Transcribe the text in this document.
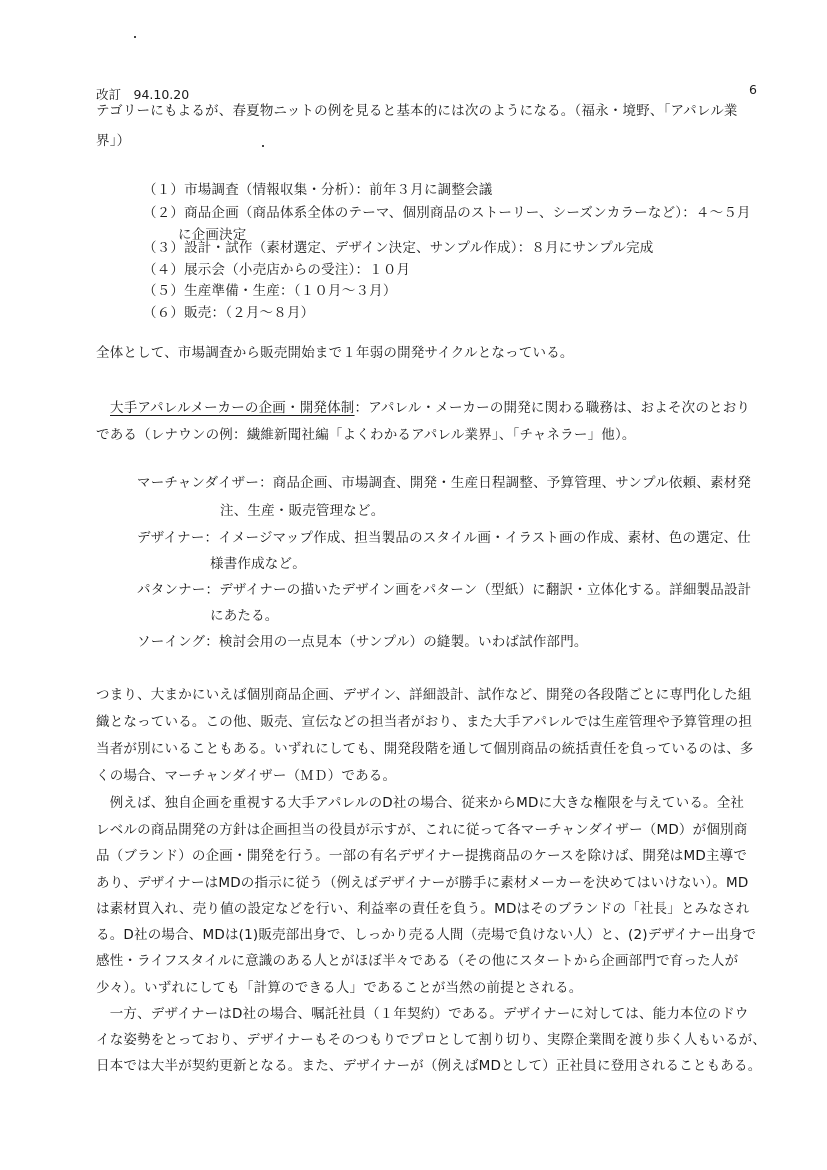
改訂　94.10.20	6
テゴリーにもよるが、春夏物ニットの例を見ると基本的には次のようになる。（福永・境野、「アパレル業
界」）
（１）市場調査（情報収集・分析）：前年３月に調整会議
（２）商品企画（商品体系全体のテーマ、個別商品のストーリー、シーズンカラーなど）：４～５月
に企画決定
（３）設計・試作（素材選定、デザイン決定、サンプル作成）：８月にサンプル完成
（４）展示会（小売店からの受注）：１０月
（５）生産準備・生産：（１０月～３月）
（６）販売：（２月～８月）
全体として、市場調査から販売開始まで１年弱の開発サイクルとなっている。
大手アパレルメーカーの企画・開発体制：アパレル・メーカーの開発に関わる職務は、およそ次のとおり
である（レナウンの例：繊維新聞社編「よくわかるアパレル業界」、「チャネラー」他）。
マーチャンダイザー：商品企画、市場調査、開発・生産日程調整、予算管理、サンプル依頼、素材発
注、生産・販売管理など。
デザイナー：イメージマップ作成、担当製品のスタイル画・イラスト画の作成、素材、色の選定、仕
様書作成など。
パタンナー：デザイナーの描いたデザイン画をパターン（型紙）に翻訳・立体化する。詳細製品設計
にあたる。
ソーイング：検討会用の一点見本（サンプル）の縫製。いわば試作部門。
つまり、大まかにいえば個別商品企画、デザイン、詳細設計、試作など、開発の各段階ごとに専門化した組
織となっている。この他、販売、宣伝などの担当者がおり、また大手アパレルでは生産管理や予算管理の担
当者が別にいることもある。いずれにしても、開発段階を通して個別商品の統括責任を負っているのは、多
くの場合、マーチャンダイザー（ＭＤ）である。
　例えば、独自企画を重視する大手アパレルのD社の場合、従来からMDに大きな権限を与えている。全社
レベルの商品開発の方針は企画担当の役員が示すが、これに従って各マーチャンダイザー（MD）が個別商
品（ブランド）の企画・開発を行う。一部の有名デザイナー提携商品のケースを除けば、開発はMD主導で
あり、デザイナーはMDの指示に従う（例えばデザイナーが勝手に素材メーカーを決めてはいけない）。MD
は素材買入れ、売り値の設定などを行い、利益率の責任を負う。MDはそのブランドの「社長」とみなされ
る。D社の場合、MDは(1)販売部出身で、しっかり売る人間（売場で負けない人）と、(2)デザイナー出身で
感性・ライフスタイルに意識のある人とがほぼ半々である（その他にスタートから企画部門で育った人が
少々）。いずれにしても「計算のできる人」であることが当然の前提とされる。
　一方、デザイナーはD社の場合、嘱託社員（１年契約）である。デザイナーに対しては、能力本位のドウ
イな姿勢をとっており、デザイナーもそのつもりでプロとして割り切り、実際企業間を渡り歩く人もいるが、
日本では大半が契約更新となる。また、デザイナーが（例えばMDとして）正社員に登用されることもある。
